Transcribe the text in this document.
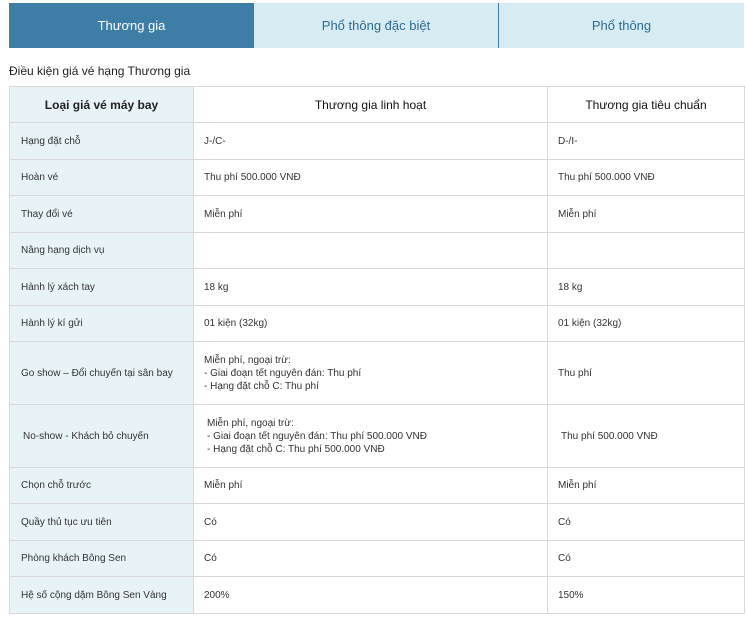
Thương gia	Phổ thông đặc biệt	Phổ thông
Điều kiện giá vé hạng Thương gia
Loại giá vé máy bay	Thương gia linh hoạt	Thương gia tiêu chuẩn
Hạng đặt chỗ	J-/C-	D-/I-
Hoàn vé	Thu phí 500.000 VNĐ	Thu phí 500.000 VNĐ
Thay đổi vé	Miễn phí	Miễn phí
Nâng hạng dịch vụ		
Hành lý xách tay	18 kg	18 kg
Hành lý kí gửi	01 kiện (32kg)	01 kiện (32kg)
Go show – Đổi chuyến tại sân bay	Miễn phí, ngoại trừ:
- Giai đoạn tết nguyên đán: Thu phí
- Hạng đặt chỗ C: Thu phí	Thu phí
No-show - Khách bỏ chuyến	Miễn phí, ngoại trừ:
- Giai đoạn tết nguyên đán: Thu phí 500.000 VNĐ
- Hạng đặt chỗ C: Thu phí 500.000 VNĐ	Thu phí 500.000 VNĐ
Chọn chỗ trước	Miễn phí	Miễn phí
Quầy thủ tục ưu tiên	Có	Có
Phòng khách Bông Sen	Có	Có
Hệ số cộng dặm Bông Sen Vàng	200%	150%
